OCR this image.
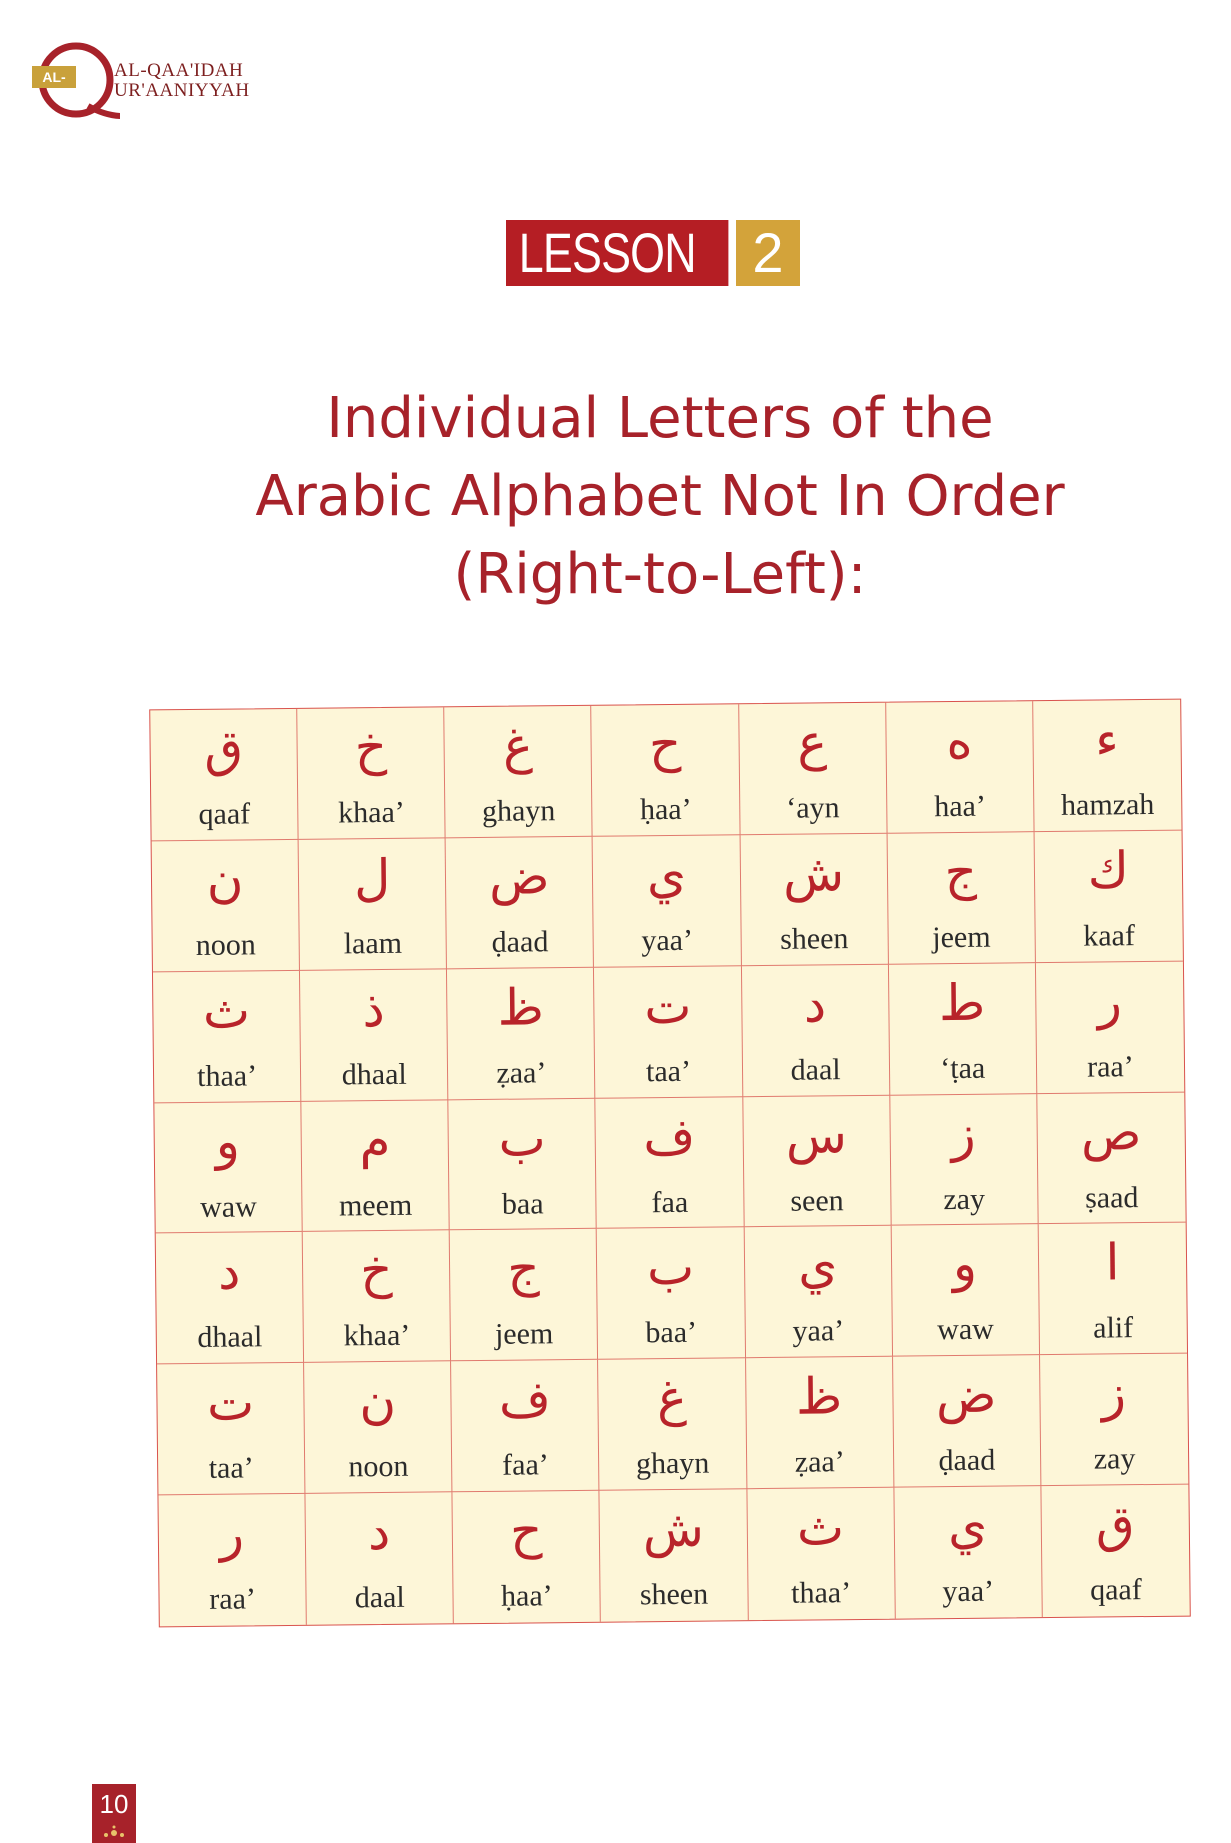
AL-	AL-QAA'IDAH
UR'AANIYYAH
LESSON	2
Individual Letters of the
Arabic Alphabet Not In Order
(Right-to-Left):
ق
qaaf
خ
khaa’
غ
ghayn
ح
ḥaa’
ع
‘ayn
ه
haa’
ء
hamzah
ن
noon
ل
laam
ض
ḍaad
ي
yaa’
ش
sheen
ج
jeem
ك
kaaf
ث
thaa’
ذ
dhaal
ظ
ẓaa’
ت
taa’
د
daal
ط
‘ṭaa
ر
raa’
و
waw
م
meem
ب
baa
ف
faa
س
seen
ز
zay
ص
ṣaad
د
dhaal
خ
khaa’
ج
jeem
ب
baa’
ي
yaa’
و
waw
ا
alif
ت
taa’
ن
noon
ف
faa’
غ
ghayn
ظ
ẓaa’
ض
ḍaad
ز
zay
ر
raa’
د
daal
ح
ḥaa’
ش
sheen
ث
thaa’
ي
yaa’
ق
qaaf
10
